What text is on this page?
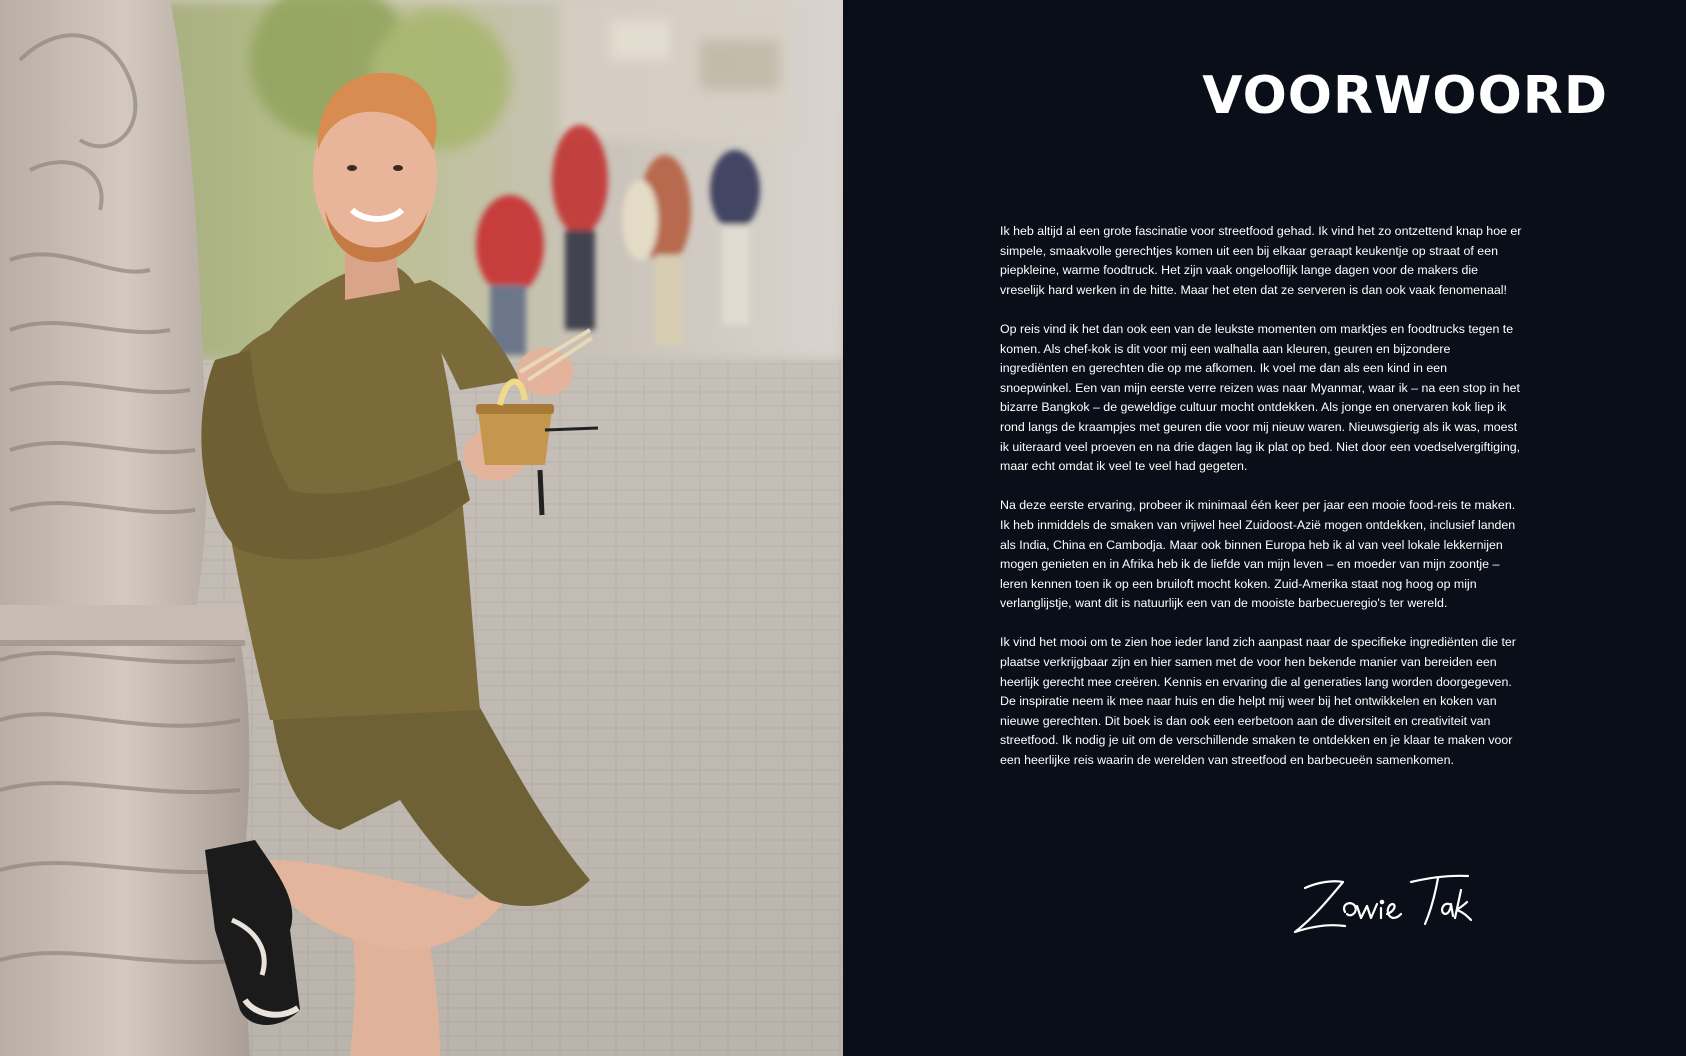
VOORWOORD

Ik heb altijd al een grote fascinatie voor streetfood gehad. Ik vind het zo ontzettend knap hoe er simpele, smaakvolle gerechtjes komen uit een bij elkaar geraapt keukentje op straat of een piepkleine, warme foodtruck. Het zijn vaak ongelooflijk lange dagen voor de makers die vreselijk hard werken in de hitte. Maar het eten dat ze serveren is dan ook vaak fenomenaal!

Op reis vind ik het dan ook een van de leukste momenten om marktjes en foodtrucks tegen te komen. Als chef-kok is dit voor mij een walhalla aan kleuren, geuren en bijzondere ingrediënten en gerechten die op me afkomen. Ik voel me dan als een kind in een snoepwinkel. Een van mijn eerste verre reizen was naar Myanmar, waar ik – na een stop in het bizarre Bangkok – de geweldige cultuur mocht ontdekken. Als jonge en onervaren kok liep ik rond langs de kraampjes met geuren die voor mij nieuw waren. Nieuwsgierig als ik was, moest ik uiteraard veel proeven en na drie dagen lag ik plat op bed. Niet door een voedselvergiftiging, maar echt omdat ik veel te veel had gegeten.

Na deze eerste ervaring, probeer ik minimaal één keer per jaar een mooie food-reis te maken. Ik heb inmiddels de smaken van vrijwel heel Zuidoost-Azië mogen ontdekken, inclusief landen als India, China en Cambodja. Maar ook binnen Europa heb ik al van veel lokale lekkernijen mogen genieten en in Afrika heb ik de liefde van mijn leven – en moeder van mijn zoontje – leren kennen toen ik op een bruiloft mocht koken. Zuid-Amerika staat nog hoog op mijn verlanglijstje, want dit is natuurlijk een van de mooiste barbecueregio's ter wereld.

Ik vind het mooi om te zien hoe ieder land zich aanpast naar de specifieke ingrediënten die ter plaatse verkrijgbaar zijn en hier samen met de voor hen bekende manier van bereiden een heerlijk gerecht mee creëren. Kennis en ervaring die al generaties lang worden doorgegeven. De inspiratie neem ik mee naar huis en die helpt mij weer bij het ontwikkelen en koken van nieuwe gerechten. Dit boek is dan ook een eerbetoon aan de diversiteit en creativiteit van streetfood. Ik nodig je uit om de verschillende smaken te ontdekken en je klaar te maken voor een heerlijke reis waarin de werelden van streetfood en barbecueën samenkomen.
